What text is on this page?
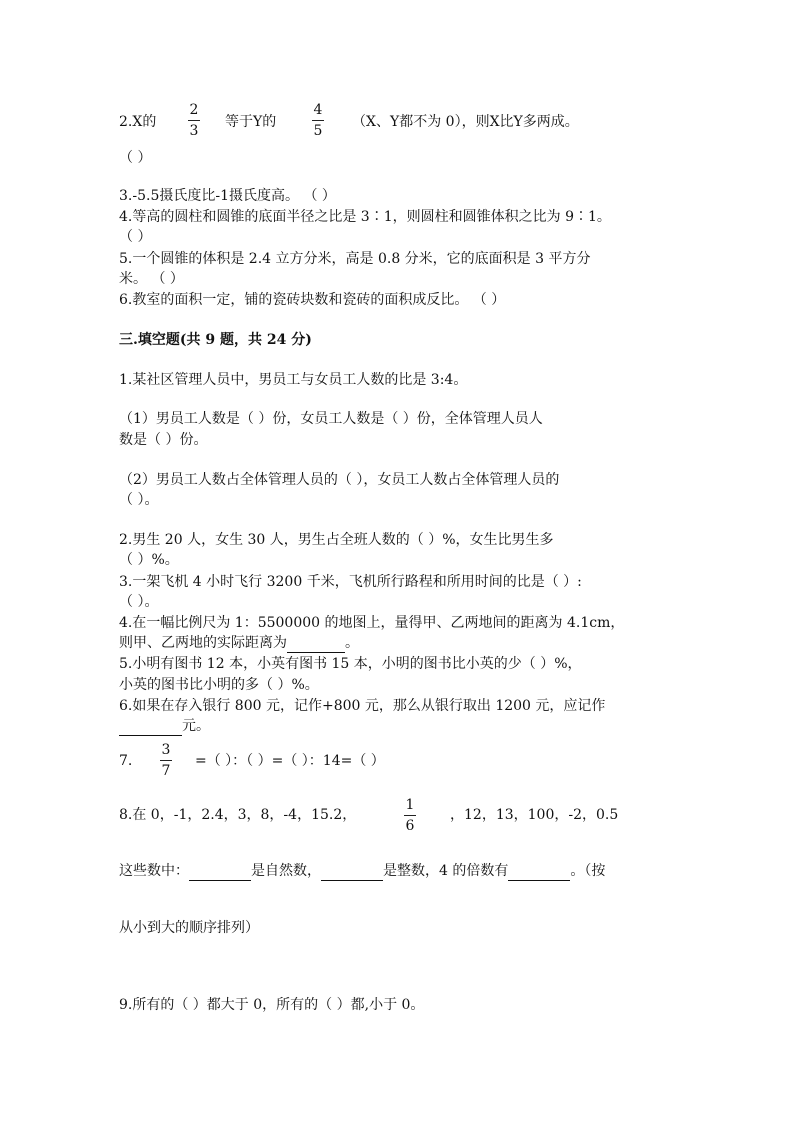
2.X的
2
3
等于Y的
4
5
（X、Y都不为 0），则X比Y多两成。
（ ）
3.-5.5摄氏度比-1摄氏度高。 （ ）
4.等高的圆柱和圆锥的底面半径之比是 3∶1，则圆柱和圆锥体积之比为 9∶1。
（ ）
5.一个圆锥的体积是 2.4 立方分米，高是 0.8 分米，它的底面积是 3 平方分
米。 （ ）
6.教室的面积一定，铺的瓷砖块数和瓷砖的面积成反比。 （ ）
三.填空题(共 9 题，共 24 分)
1.某社区管理人员中，男员工与女员工人数的比是 3:4。
（1）男员工人数是（ ）份，女员工人数是（ ）份，全体管理人员人
数是（ ）份。
（2）男员工人数占全体管理人员的（ ），女员工人数占全体管理人员的
（ ）。
2.男生 20 人，女生 30 人，男生占全班人数的（ ）%，女生比男生多
（ ）%。
3.一架飞机 4 小时飞行 3200 千米，飞机所行路程和所用时间的比是（ ）:
（ ）。
4.在一幅比例尺为 1：5500000 的地图上，量得甲、乙两地间的距离为 4.1cm，
则甲、乙两地的实际距离为	。
5.小明有图书 12 本，小英有图书 15 本，小明的图书比小英的少（ ）%，
小英的图书比小明的多（ ）%。
6.如果在存入银行 800 元，记作+800 元，那么从银行取出 1200 元，应记作
元。
7.
3
7
=（ ）：（ ）=（ ）：14=（ ）
8.在 0，-1，2.4，3，8，-4，15.2，
1
6
，12，13，100，-2，0.5
这些数中：	是自然数，	是整数，4 的倍数有	。（按
从小到大的顺序排列）
9.所有的（ ）都大于 0，所有的（ ）都,小于 0。
